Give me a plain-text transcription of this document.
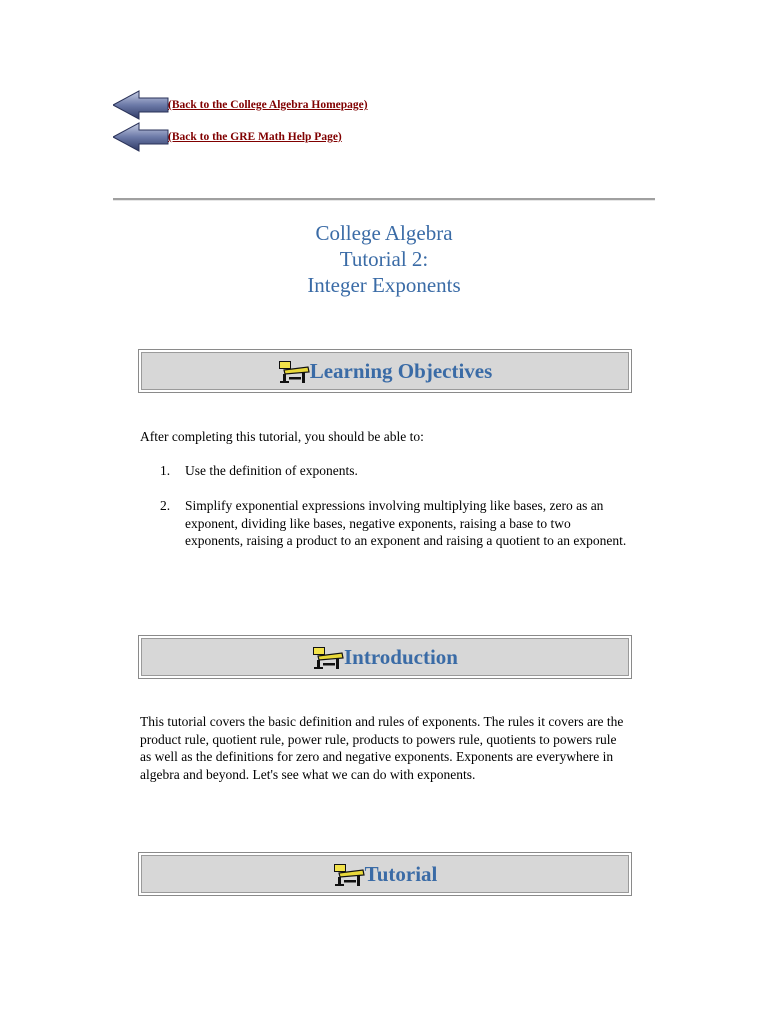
(Back to the College Algebra Homepage)
(Back to the GRE Math Help Page)
College Algebra
Tutorial 2:
Integer Exponents
Learning Objectives
After completing this tutorial, you should be able to:
1. Use the definition of exponents.
2. Simplify exponential expressions involving multiplying like bases, zero as an exponent, dividing like bases, negative exponents, raising a base to two exponents, raising a product to an exponent and raising a quotient to an exponent.
Introduction
This tutorial covers the basic definition and rules of exponents. The rules it covers are the product rule, quotient rule, power rule, products to powers rule, quotients to powers rule as well as the definitions for zero and negative exponents. Exponents are everywhere in algebra and beyond. Let's see what we can do with exponents.
Tutorial
